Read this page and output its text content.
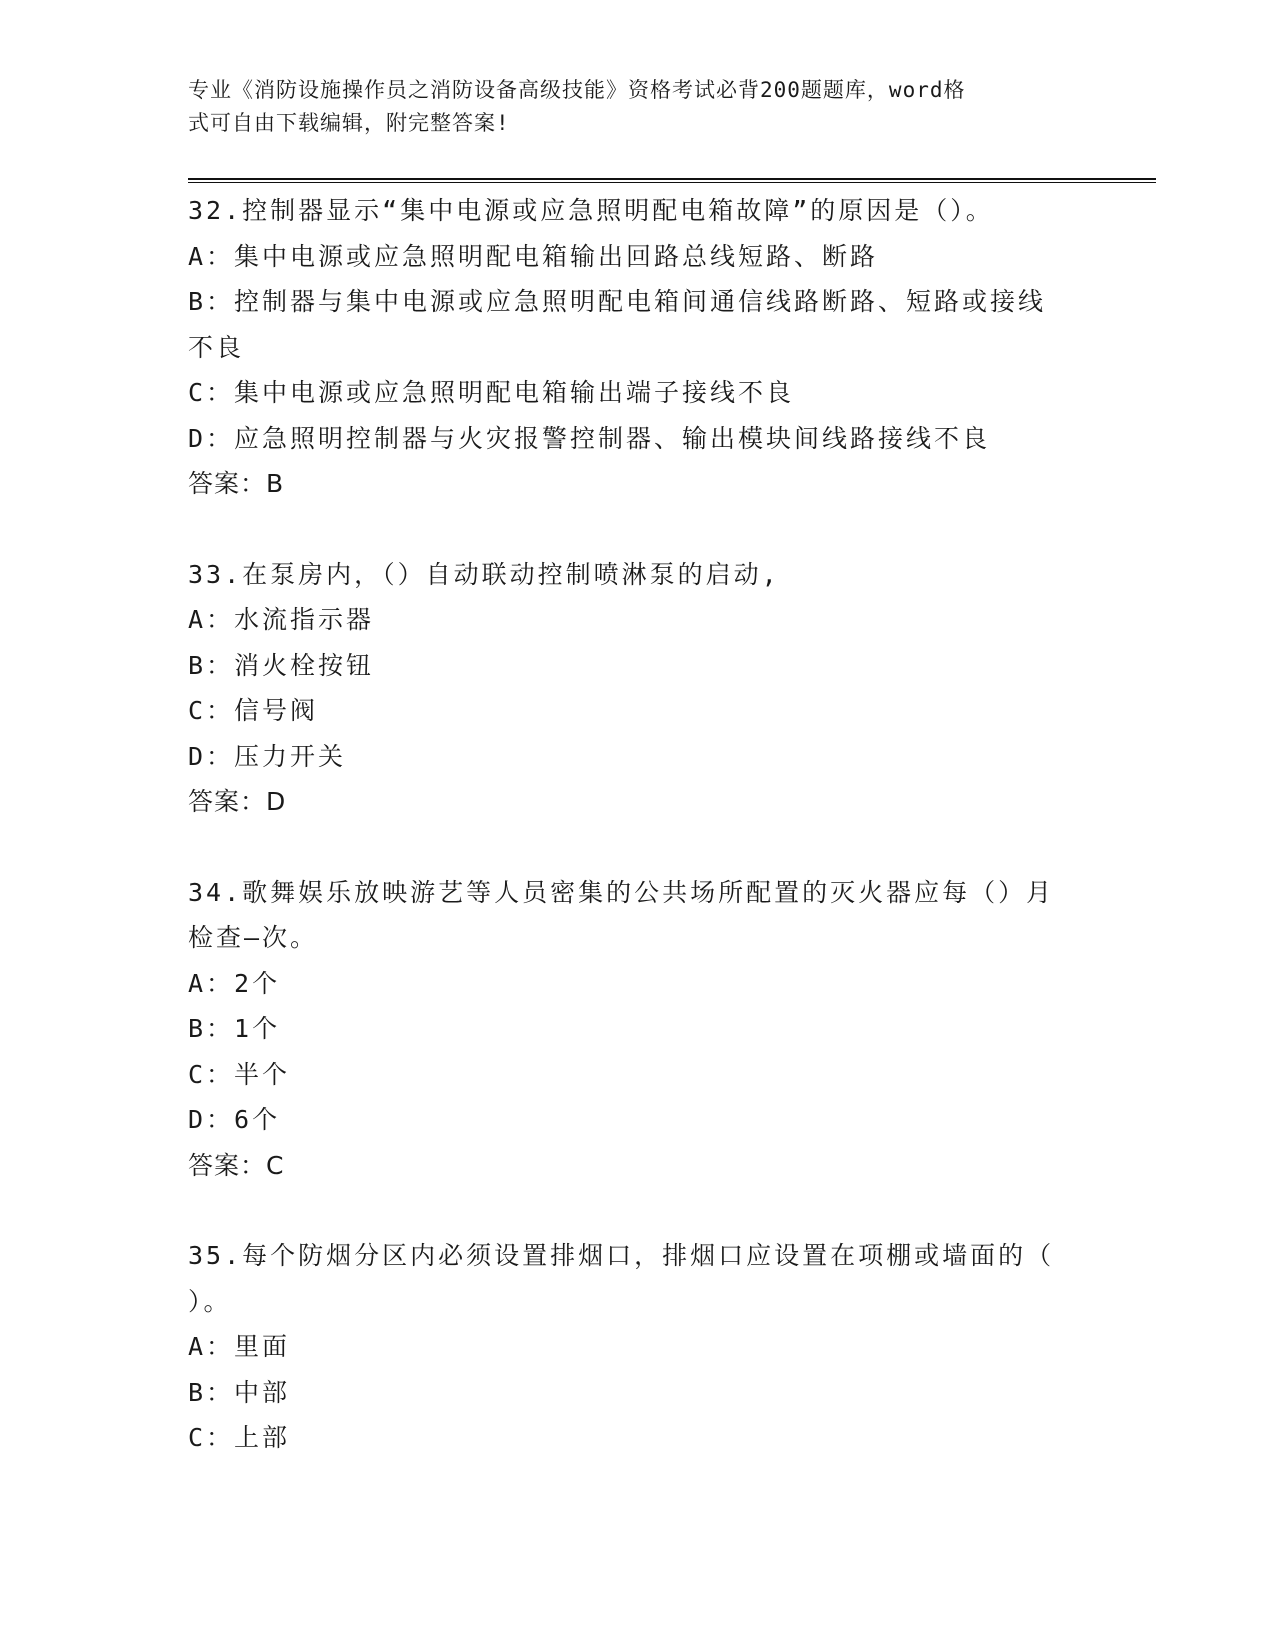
专业《消防设施操作员之消防设备高级技能》资格考试必背200题题库，word格

式可自由下载编辑，附完整答案!

32.控制器显示“集中电源或应急照明配电箱故障”的原因是（）。

A：集中电源或应急照明配电箱输出回路总线短路、断路

B：控制器与集中电源或应急照明配电箱间通信线路断路、短路或接线

不良

C：集中电源或应急照明配电箱输出端子接线不良

D：应急照明控制器与火灾报警控制器、输出模块间线路接线不良

答案：B

33.在泵房内，（）自动联动控制喷淋泵的启动,

A：水流指示器

B：消火栓按钮

C：信号阀

D：压力开关

答案：D

34.歌舞娱乐放映游艺等人员密集的公共场所配置的灭火器应每（）月

检查—次。

A：2个

B：1个

C：半个

D：6个

答案：C

35.每个防烟分区内必须设置排烟口，排烟口应设置在项棚或墙面的（

）。

A：里面

B：中部

C：上部
